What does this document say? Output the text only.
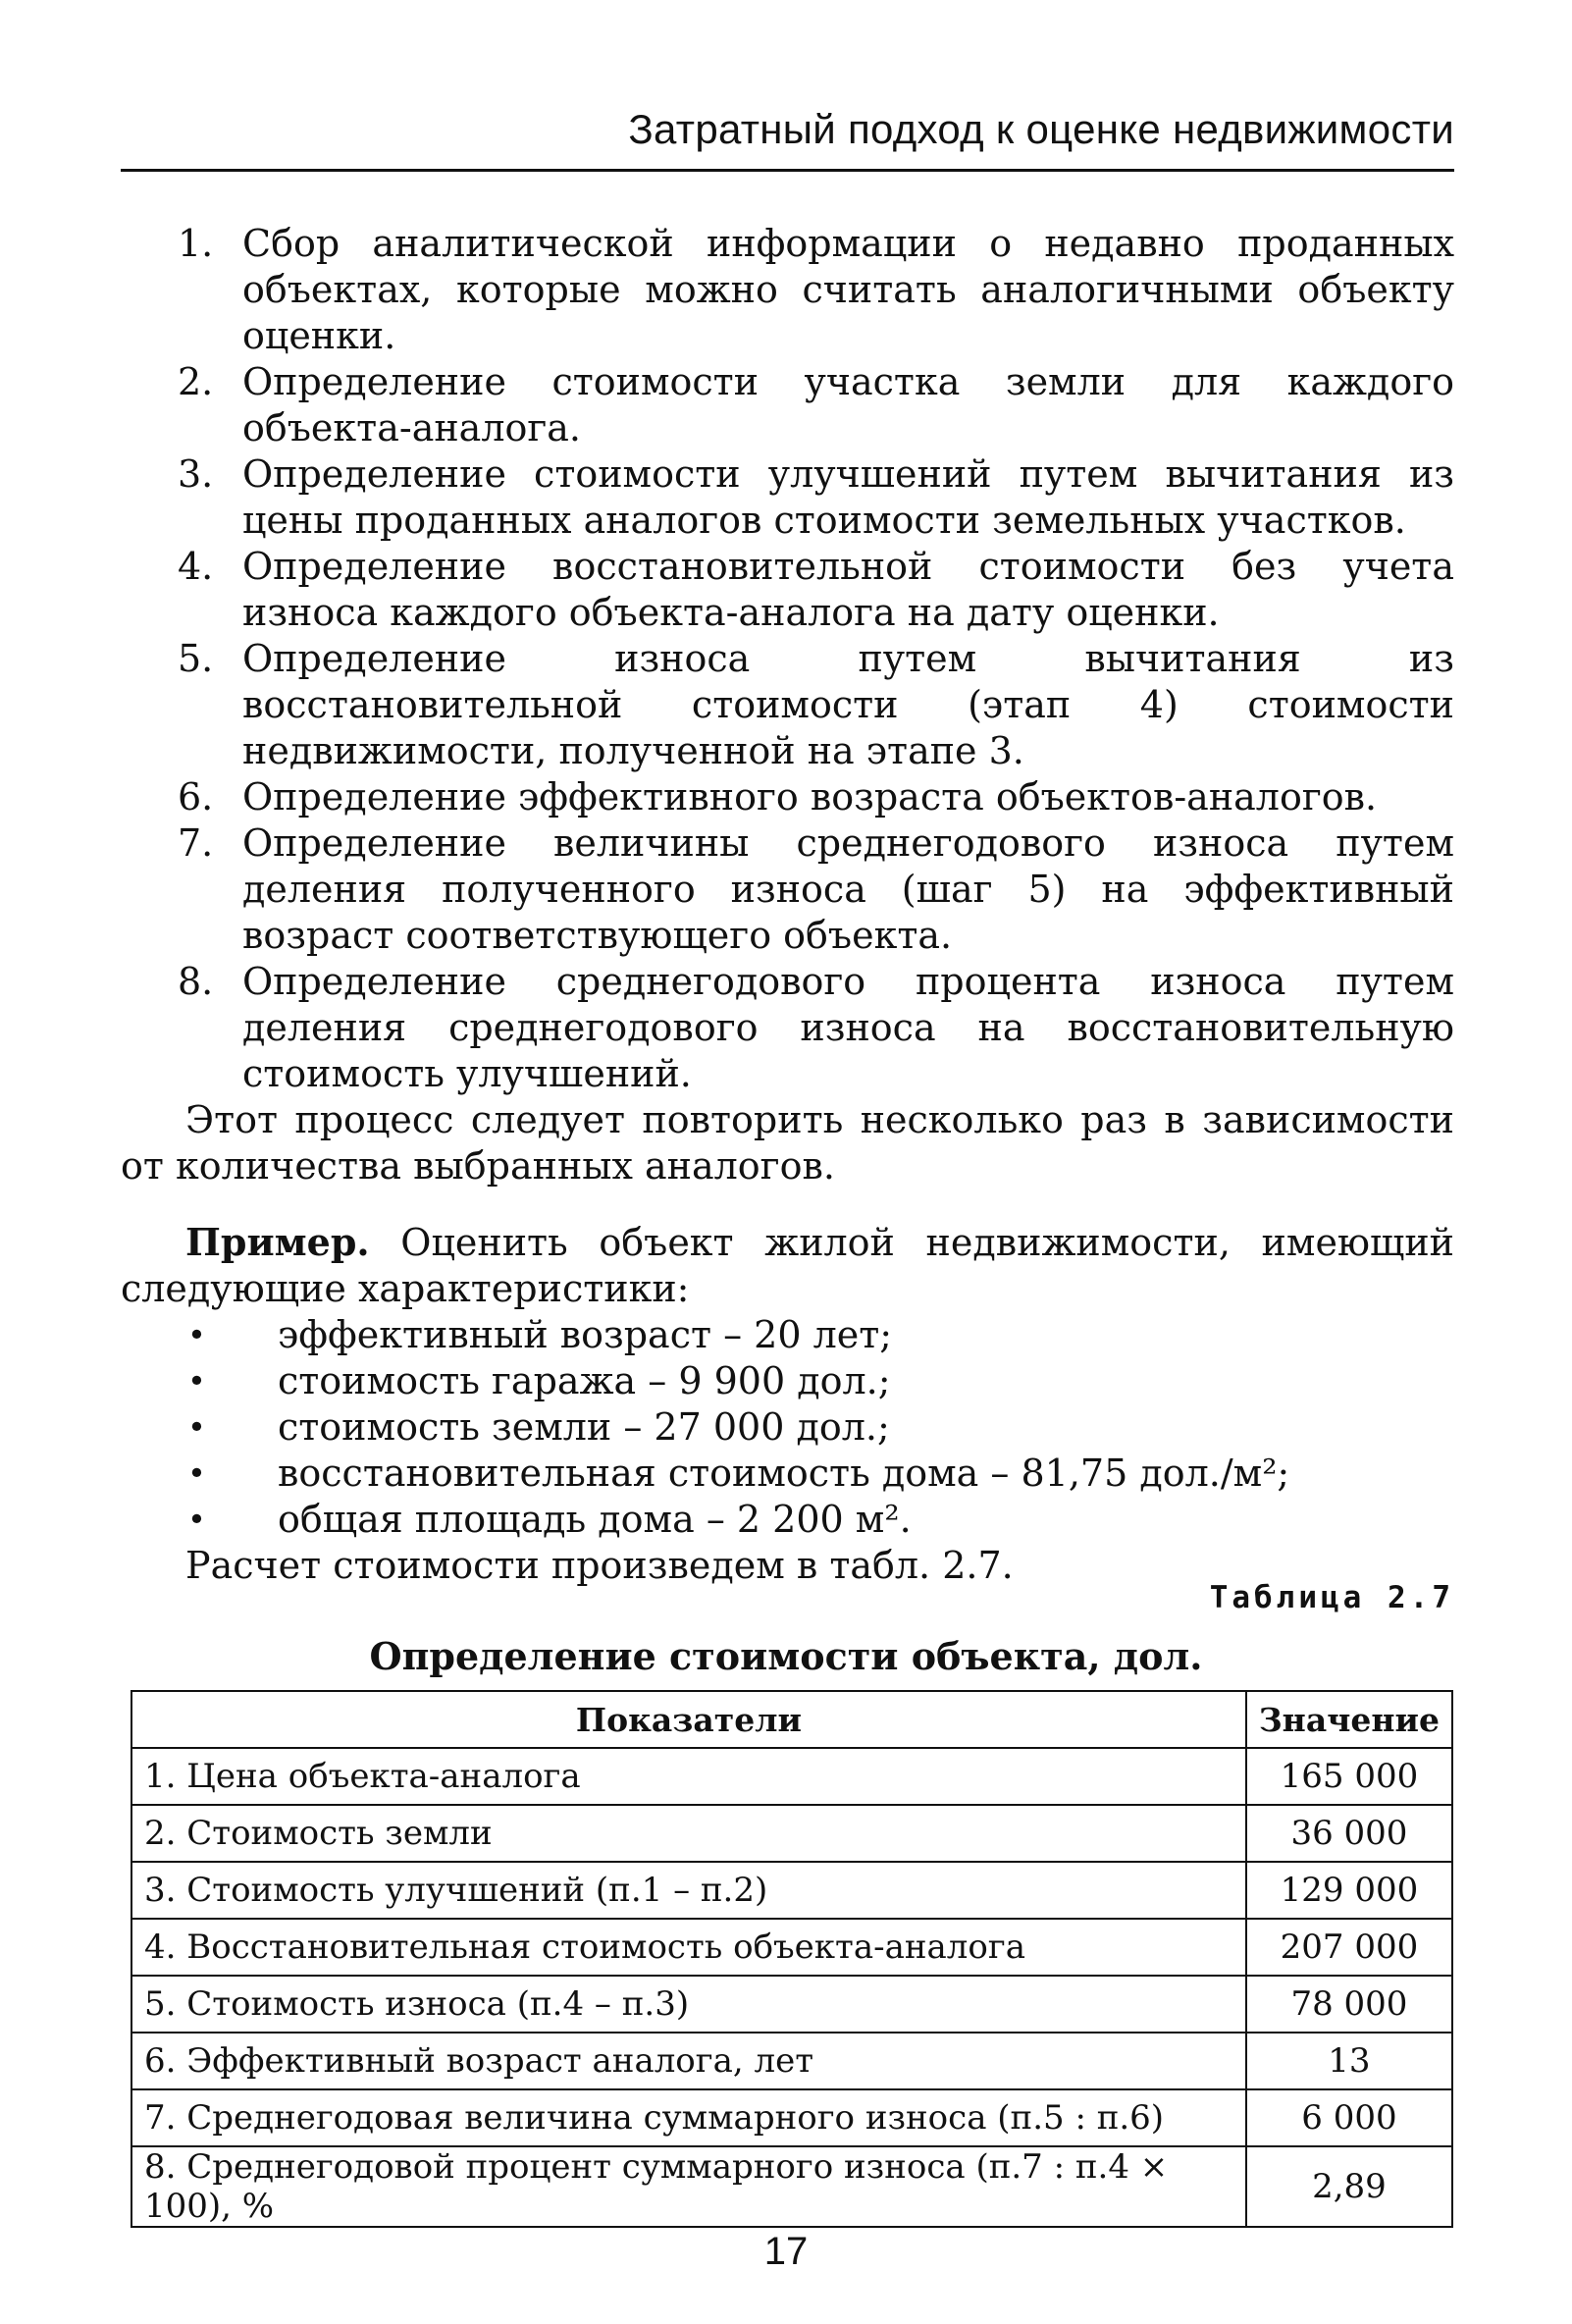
Затратный подход к оценке недвижимости
1. Сбор аналитической информации о недавно проданных объектах, которые можно считать аналогичными объекту оценки.
2. Определение стоимости участка земли для каждого объекта-аналога.
3. Определение стоимости улучшений путем вычитания из цены проданных аналогов стоимости земельных участков.
4. Определение восстановительной стоимости без учета износа каждого объекта-аналога на дату оценки.
5. Определение износа путем вычитания из восстановительной стоимости (этап 4) стоимости недвижимости, полученной на этапе 3.
6. Определение эффективного возраста объектов-аналогов.
7. Определение величины среднегодового износа путем деления полученного износа (шаг 5) на эффективный возраст соответствующего объекта.
8. Определение среднегодового процента износа путем деления среднегодового износа на восстановительную стоимость улучшений.

Этот процесс следует повторить несколько раз в зависимости от количества выбранных аналогов.

Пример. Оценить объект жилой недвижимости, имеющий следующие характеристики:

• эффективный возраст – 20 лет;
• стоимость гаража – 9 900 дол.;
• стоимость земли – 27 000 дол.;
• восстановительная стоимость дома – 81,75 дол./м²;
• общая площадь дома – 2 200 м².

Расчет стоимости произведем в табл. 2.7.

Таблица 2.7
Определение стоимости объекта, дол.
Показатели	Значение
1. Цена объекта-аналога	165 000
2. Стоимость земли	36 000
3. Стоимость улучшений (п.1 – п.2)	129 000
4. Восстановительная стоимость объекта-аналога	207 000
5. Стоимость износа (п.4 – п.3)	78 000
6. Эффективный возраст аналога, лет	13
7. Среднегодовая величина суммарного износа (п.5 : п.6)	6 000
8. Среднегодовой процент суммарного износа (п.7 : п.4 × 100), %	2,89
17
